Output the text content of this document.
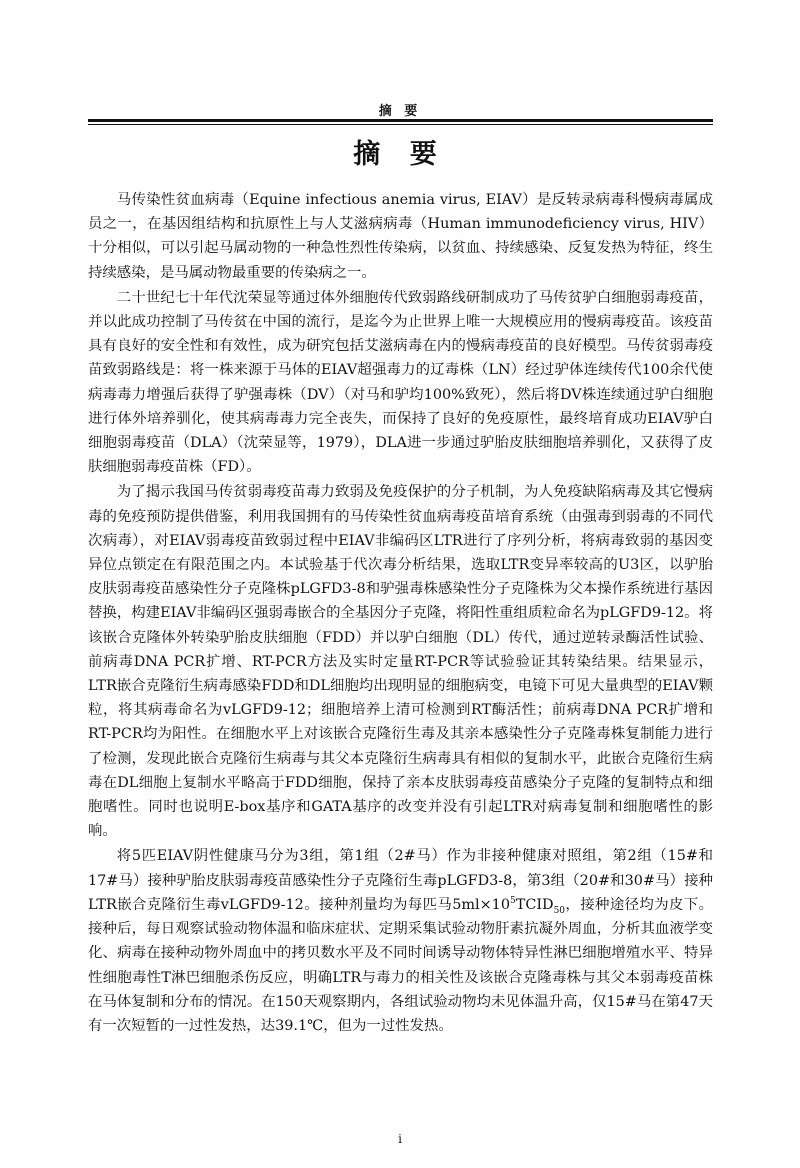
摘 要
摘 要

马传染性贫血病毒（Equine infectious anemia virus, EIAV）是反转录病毒科慢病毒属成员之一，在基因组结构和抗原性上与人艾滋病病毒（Human immunodeficiency virus, HIV）十分相似，可以引起马属动物的一种急性烈性传染病，以贫血、持续感染、反复发热为特征，终生持续感染，是马属动物最重要的传染病之一。

二十世纪七十年代沈荣显等通过体外细胞传代致弱路线研制成功了马传贫驴白细胞弱毒疫苗，并以此成功控制了马传贫在中国的流行，是迄今为止世界上唯一大规模应用的慢病毒疫苗。该疫苗具有良好的安全性和有效性，成为研究包括艾滋病毒在内的慢病毒疫苗的良好模型。马传贫弱毒疫苗致弱路线是：将一株来源于马体的EIAV超强毒力的辽毒株（LN）经过驴体连续传代100余代使病毒毒力增强后获得了驴强毒株（DV）（对马和驴均100%致死），然后将DV株连续通过驴白细胞进行体外培养驯化，使其病毒毒力完全丧失，而保持了良好的免疫原性，最终培育成功EIAV驴白细胞弱毒疫苗（DLA）（沈荣显等，1979），DLA进一步通过驴胎皮肤细胞培养驯化，又获得了皮肤细胞弱毒疫苗株（FD）。

为了揭示我国马传贫弱毒疫苗毒力致弱及免疫保护的分子机制，为人免疫缺陷病毒及其它慢病毒的免疫预防提供借鉴，利用我国拥有的马传染性贫血病毒疫苗培育系统（由强毒到弱毒的不同代次病毒），对EIAV弱毒疫苗致弱过程中EIAV非编码区LTR进行了序列分析，将病毒致弱的基因变异位点锁定在有限范围之内。本试验基于代次毒分析结果，选取LTR变异率较高的U3区，以驴胎皮肤弱毒疫苗感染性分子克隆株pLGFD3-8和驴强毒株感染性分子克隆株为父本操作系统进行基因替换，构建EIAV非编码区强弱毒嵌合的全基因分子克隆，将阳性重组质粒命名为pLGFD9-12。将该嵌合克隆体外转染驴胎皮肤细胞（FDD）并以驴白细胞（DL）传代，通过逆转录酶活性试验、前病毒DNA PCR扩增、RT-PCR方法及实时定量RT-PCR等试验验证其转染结果。结果显示，LTR嵌合克隆衍生病毒感染FDD和DL细胞均出现明显的细胞病变，电镜下可见大量典型的EIAV颗粒，将其病毒命名为vLGFD9-12；细胞培养上清可检测到RT酶活性；前病毒DNA PCR扩增和RT-PCR均为阳性。在细胞水平上对该嵌合克隆衍生毒及其亲本感染性分子克隆毒株复制能力进行了检测，发现此嵌合克隆衍生病毒与其父本克隆衍生病毒具有相似的复制水平，此嵌合克隆衍生病毒在DL细胞上复制水平略高于FDD细胞，保持了亲本皮肤弱毒疫苗感染分子克隆的复制特点和细胞嗜性。同时也说明E-box基序和GATA基序的改变并没有引起LTR对病毒复制和细胞嗜性的影响。

将5匹EIAV阴性健康马分为3组，第1组（2#马）作为非接种健康对照组，第2组（15#和17#马）接种驴胎皮肤弱毒疫苗感染性分子克隆衍生毒pLGFD3-8，第3组（20#和30#马）接种LTR嵌合克隆衍生毒vLGFD9-12。接种剂量均为每匹马$5ml\times 10^5TCID_{50}$，接种途径均为皮下。接种后，每日观察试验动物体温和临床症状、定期采集试验动物肝素抗凝外周血，分析其血液学变化、病毒在接种动物外周血中的拷贝数水平及不同时间诱导动物体特异性淋巴细胞增殖水平、特异性细胞毒性T淋巴细胞杀伤反应，明确LTR与毒力的相关性及该嵌合克隆毒株与其父本弱毒疫苗株在马体复制和分布的情况。在150天观察期内，各组试验动物均未见体温升高，仅15#马在第47天有一次短暂的一过性发热，达39.1℃，但为一过性发热。

i
